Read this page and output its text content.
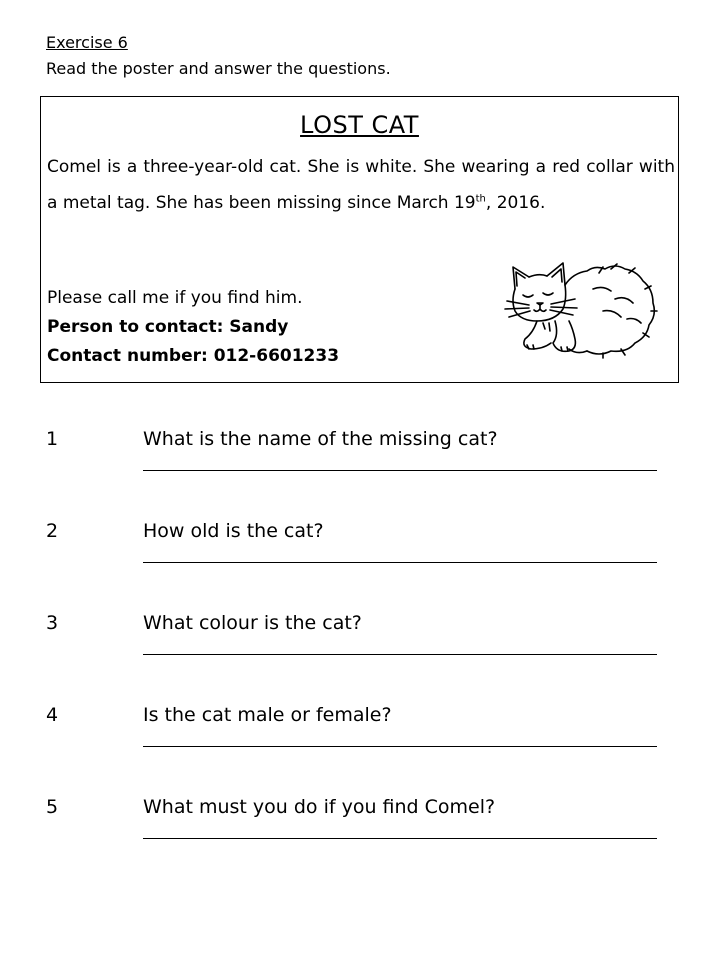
Exercise 6
Read the poster and answer the questions.
LOST CAT
Comel is a three-year-old cat. She is white. She wearing a red collar with a metal tag. She has been missing since March 19th, 2016.
Please call me if you find him.
Person to contact: Sandy
Contact number: 012-6601233
1	What is the name of the missing cat?
2	How old is the cat?
3	What colour is the cat?
4	Is the cat male or female?
5	What must you do if you find Comel?
